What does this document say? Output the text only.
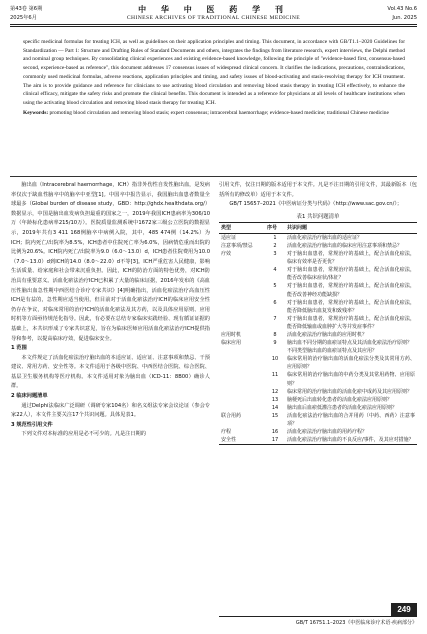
第43卷 第6期
2025年6月
中 华 中 医 药 学 刊
CHINESE ARCHIVES OF TRADITIONAL CHINESE MEDICINE
Vol.43 No.6
Jun. 2025

specific medicinal formulas for treating ICH, as well as guidelines on their application principles and timing. This document, in accordance with GB/T1.1–2020 Guidelines for Standardization — Part 1: Structure and Drafting Rules of Standard Documents and others, integrates the findings from literature research, expert interviews, the Delphi method and nominal group techniques. By consolidating clinical experiences and existing evidence-based knowledge, following the principle of "evidence-based first, consensus-based second, experience-based as reference", this document addresses 17 consensus issues of widespread clinical concern. It clarifies the indications, precautions, contraindications, commonly used medicinal formulas, adverse reactions, application principles and timing, and safety issues of blood-activating and stasis-resolving therapy for ICH treatment. The aim is to provide guidance and reference for clinicians to use activating blood circulation and removing blood stasis therapy in treating ICH effectively, to enhance the clinical efficacy, mitigate the safety risks and promote the clinical benefits. This document is intended as a reference for physicians at all levels of healthcare institutions when using the activating blood circulation and removing blood stasis therapy for treating ICH.

Keywords: promoting blood circulation and removing blood stasis; expert consensus; intracerebral haemorrhage; evidence-based medicine; traditional Chinese medicine

脑出血（Intracerebral haemorrhage，ICH）指非外伤性自发性脑出血，是发病率仅次于缺血性脑卒中的脑卒中亚型[1]。中国卒中报告显示，我国脑出血患者数量全球最多（Global burden of disease study，GBD：http://ghdx.healthdata.org/）数据显示，中国是脑出血发病负担最重的国家之一，2019年我国ICH患病率为306/10万（年龄标化患病率215/10万）。医院质量监测系统中1672家三级公立医院的数据显示，2019年共有3 411 168例脑卒中病例入院，其中，485 474例（14.2%）为ICH；院内死亡/出院率为8.5%，ICH患者中住院死亡率为6.0%，因病情危重而出院的比例为20.6%。ICH院内死亡/出院率为9.0（6.0～13.0）d，ICH患者住院费用为10.0（7.0～13.0）d到ICH的14.0（8.0～22.0）d不等[3]。ICH严重危害人民健康，影响生活质量、给家庭和社会带来沉重负担。因此，ICH的防治方面的特色优势，对ICH防治具有重要意义。活血化瘀法治疗ICH已积累了大量的临床证据，2016年发布的《高血压性脑出血急性期中西医结合诊疗专家共识》[4]明确指出，活血化瘀法治疗高血压性ICH是有益的，急性期应适当使用，但目前对于活血化瘀法治疗ICH的临床应用安全性仍存在争议，对临床常用的治疗ICH的活血化瘀法及其方药，以及具体应用原则、应用时机等方面亟待规范化指导。因此，有必要在总结专家临床实践经验、现有循证证据的基础上，本共识形成了专家共识意见，旨在为临床医师应用活血化瘀法治疗ICH提供指导和参考，以提高临床疗效，促进临床安全。

1 范围

本文件规定了活血化瘀法治疗脑出血的本适应证、适应证、注意事项和禁忌、干预建议、常用方药、安全性等。本文件适用于各级中医院、中西医结合医院、综合医院、基层卫生服务机构等医疗机构。本文件适用对象为脑出血（ICD-11：8B00）确诊人群。

2 临床问题清单

通过Delphi法临床广泛调研（调研专家104名）和名义组法专家会议论证（参会专家22人），本文件主要关注17个共识问题。具体见表1。

3 规范性引用文件

下列文件对本标准的应用是必不可少的。凡是注日期的

引用文件，仅注日期的版本适用于本文件。凡是不注日期的引用文件，其最新版本（包括所有的修改单）适用于本文件。

GB/T 15657–2021《中医病证分类与代码》（http://www.sac.gov.cn/）；

表1 共识问题清单
类型	序号	共识问题
适应证	1	活血化瘀法治疗脑出血的适应证？
注意事项/禁忌	2	活血化瘀法治疗脑出血的临床应用注意事项和禁忌？
疗效	3	对于脑出血患者，常规治疗的基础上，配合活血化瘀法，临床有效率是否更优？
	4	对于脑出血患者，常规治疗的基础上，配合活血化瘀法，能否改善临床症状/体征？
	5	对于脑出血患者，常规治疗的基础上，配合活血化瘀法，能否改善神经功能缺损？
	6	对于脑出血患者，常规治疗的基础上，配合活血化瘀法，能否降低脑出血复发和致残率？
	7	对于脑出血患者，常规治疗的基础上，配合活血化瘀法，能否降低输血或血肿扩大等并发症事件？
应用时机	8	活血化瘀法治疗脑出血的应用时机？
临床应用	9	脑出血不同分期的血瘀证特点及其活血化瘀法治疗原则？
		不同类型脑出血的血瘀证特点及其应用？
	10	临床常用的治疗脑出血的活血化瘀法分类及其常用方药、应用原则？
	11	临床常用的治疗脑出血的中药分类及其常用药物、应用原则？
	12	临床常用的治疗脑出血的活血化瘀中成药及其应用原则？
	13	脑梗死后出血转化患者的活血化瘀法应用原则？
	14	脑出血后血瘀低灌注患者的活血化瘀法应用原则？
联合用药	15	活血化瘀法治疗脑出血的合并用药（中药、西药）注意事项？
疗程	16	活血化瘀法治疗脑出血的用药疗程？
安全性	17	活血化瘀法治疗脑出血的不良反应/事件，及其应对措施？
249
GB/T 16751.1–2023《中医临床诊疗术语·疾病部分》
